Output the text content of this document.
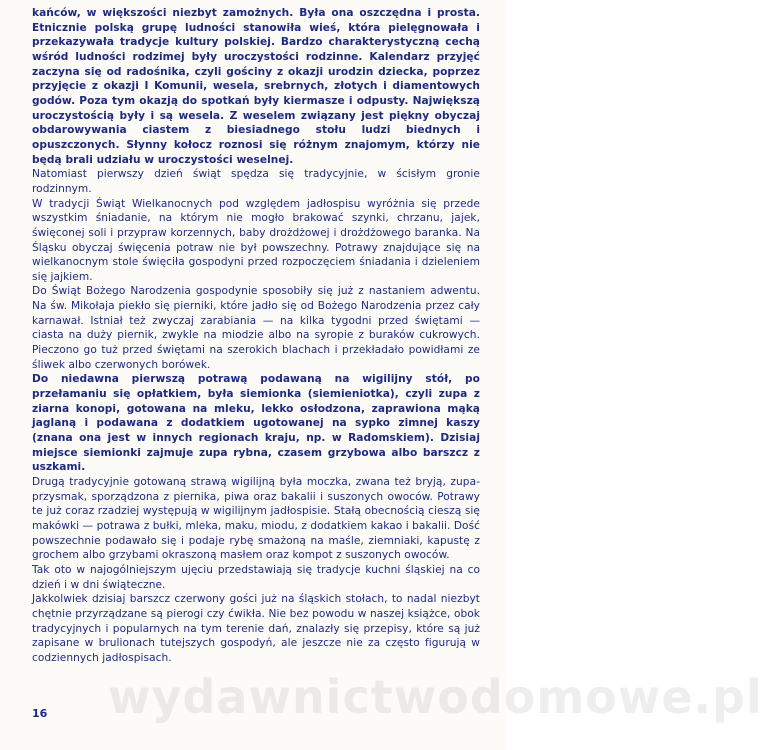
kańców, w większości niezbyt zamożnych. Była ona oszczędna i prosta. Etnicznie polską grupę ludności stanowiła wieś, która pielęgnowała i przekazywała tradycje kultury polskiej. Bardzo charakterystyczną cechą wśród ludności rodzimej były uroczystości rodzinne. Kalendarz przyjęć zaczyna się od radośnika, czyli gościny z okazji urodzin dziecka, poprzez przyjęcie z okazji I Komunii, wesela, srebrnych, złotych i diamentowych godów. Poza tym okazją do spotkań były kiermasze i odpusty. Największą uroczystością były i są wesela. Z weselem związany jest piękny obyczaj obdarowywania ciastem z biesiadnego stołu ludzi biednych i opuszczonych. Słynny kołocz roznosi się różnym znajomym, którzy nie będą brali udziału w uroczystości weselnej.

Natomiast pierwszy dzień świąt spędza się tradycyjnie, w ścisłym gronie rodzinnym.

W tradycji Świąt Wielkanocnych pod względem jadłospisu wyróżnia się przede wszystkim śniadanie, na którym nie mogło brakować szynki, chrzanu, jajek, święconej soli i przypraw korzennych, baby drożdżowej i drożdżowego baranka. Na Śląsku obyczaj święcenia potraw nie był powszechny. Potrawy znajdujące się na wielkanocnym stole święciła gospodyni przed rozpoczęciem śniadania i dzieleniem się jajkiem.

Do Świąt Bożego Narodzenia gospodynie sposobiły się już z nastaniem adwentu. Na św. Mikołaja piekło się pierniki, które jadło się od Bożego Narodzenia przez cały karnawał. Istniał też zwyczaj zarabiania — na kilka tygodni przed świętami — ciasta na duży piernik, zwykle na miodzie albo na syropie z buraków cukrowych. Pieczono go tuż przed świętami na szerokich blachach i przekładało powidłami ze śliwek albo czerwonych borówek.

Do niedawna pierwszą potrawą podawaną na wigilijny stół, po przełamaniu się opłatkiem, była siemionka (siemieniotka), czyli zupa z ziarna konopi, gotowana na mleku, lekko osłodzona, zaprawiona mąką jaglaną i podawana z dodatkiem ugotowanej na sypko zimnej kaszy (znana ona jest w innych regionach kraju, np. w Radomskiem). Dzisiaj miejsce siemionki zajmuje zupa rybna, czasem grzybowa albo barszcz z uszkami.

Drugą tradycyjnie gotowaną strawą wigilijną była moczka, zwana też bryją, zupa-przysmak, sporządzona z piernika, piwa oraz bakalii i suszonych owoców. Potrawy te już coraz rzadziej występują w wigilijnym jadłospisie. Stałą obecnością cieszą się makówki — potrawa z bułki, mleka, maku, miodu, z dodatkiem kakao i bakalii. Dość powszechnie podawało się i podaje rybę smażoną na maśle, ziemniaki, kapustę z grochem albo grzybami okraszoną masłem oraz kompot z suszonych owoców.

Tak oto w najogólniejszym ujęciu przedstawiają się tradycje kuchni śląskiej na co dzień i w dni świąteczne.

Jakkolwiek dzisiaj barszcz czerwony gości już na śląskich stołach, to nadal niezbyt chętnie przyrządzane są pierogi czy ćwikła. Nie bez powodu w naszej książce, obok tradycyjnych i popularnych na tym terenie dań, znalazły się przepisy, które są już zapisane w brulionach tutejszych gospodyń, ale jeszcze nie za często figurują w codziennych jadłospisach.

wydawnictwodomowe.pl
16
